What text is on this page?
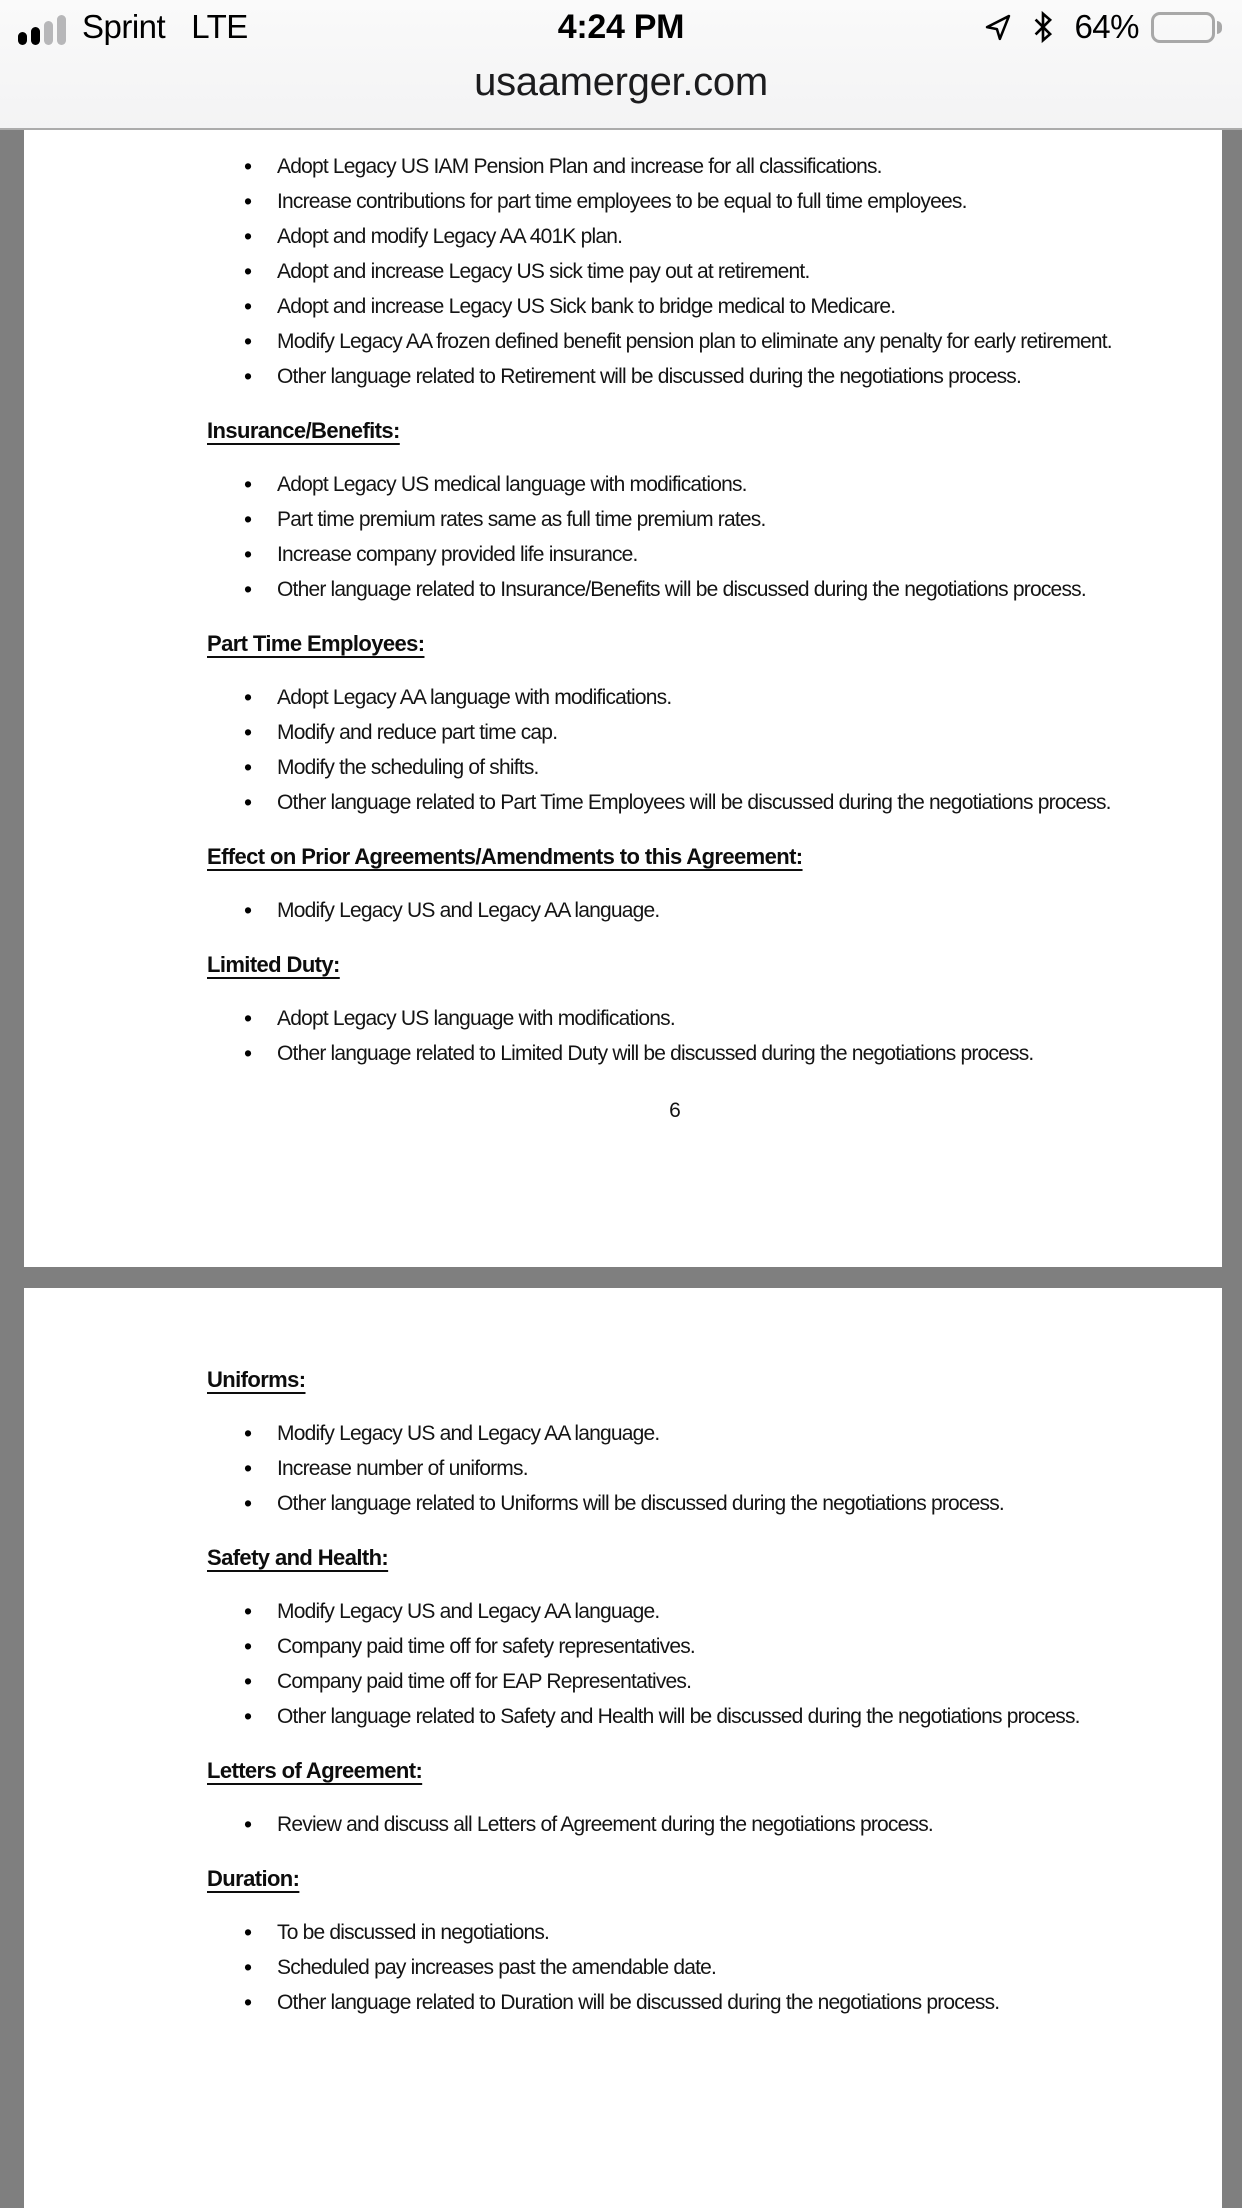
Sprint LTE	4:24 PM	64%
usaamerger.com
• Adopt Legacy US IAM Pension Plan and increase for all classifications.
• Increase contributions for part time employees to be equal to full time employees.
• Adopt and modify Legacy AA 401K plan.
• Adopt and increase Legacy US sick time pay out at retirement.
• Adopt and increase Legacy US Sick bank to bridge medical to Medicare.
• Modify Legacy AA frozen defined benefit pension plan to eliminate any penalty for early retirement.
• Other language related to Retirement will be discussed during the negotiations process.
Insurance/Benefits:
• Adopt Legacy US medical language with modifications.
• Part time premium rates same as full time premium rates.
• Increase company provided life insurance.
• Other language related to Insurance/Benefits will be discussed during the negotiations process.
Part Time Employees:
• Adopt Legacy AA language with modifications.
• Modify and reduce part time cap.
• Modify the scheduling of shifts.
• Other language related to Part Time Employees will be discussed during the negotiations process.
Effect on Prior Agreements/Amendments to this Agreement:
• Modify Legacy US and Legacy AA language.
Limited Duty:
• Adopt Legacy US language with modifications.
• Other language related to Limited Duty will be discussed during the negotiations process.
6
Uniforms:
• Modify Legacy US and Legacy AA language.
• Increase number of uniforms.
• Other language related to Uniforms will be discussed during the negotiations process.
Safety and Health:
• Modify Legacy US and Legacy AA language.
• Company paid time off for safety representatives.
• Company paid time off for EAP Representatives.
• Other language related to Safety and Health will be discussed during the negotiations process.
Letters of Agreement:
• Review and discuss all Letters of Agreement during the negotiations process.
Duration:
• To be discussed in negotiations.
• Scheduled pay increases past the amendable date.
• Other language related to Duration will be discussed during the negotiations process.
